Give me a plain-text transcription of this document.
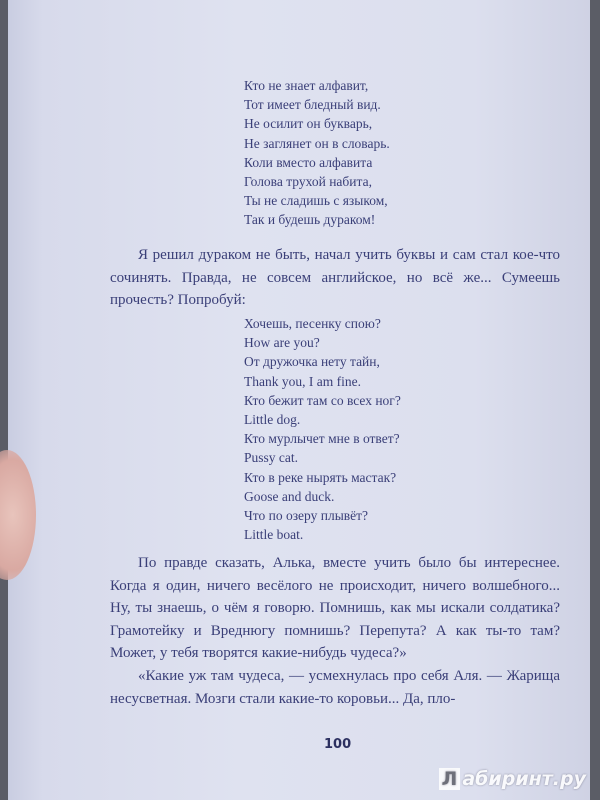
Кто не знает алфавит,
Тот имеет бледный вид.
Не осилит он букварь,
Не заглянет он в словарь.
Коли вместо алфавита
Голова трухой набита,
Ты не сладишь с языком,
Так и будешь дураком!

Я решил дураком не быть, начал учить буквы и сам стал кое-что сочинять. Правда, не совсем английское, но всё же... Сумеешь прочесть? Попробуй:

Хочешь, песенку спою?
How are you?
От дружочка нету тайн,
Thank you, I am fine.
Кто бежит там со всех ног?
Little dog.
Кто мурлычет мне в ответ?
Pussy cat.
Кто в реке нырять мастак?
Goose and duck.
Что по озеру плывёт?
Little boat.

По правде сказать, Алька, вместе учить было бы интереснее. Когда я один, ничего весёлого не происходит, ничего волшебного... Ну, ты знаешь, о чём я говорю. Помнишь, как мы искали солдатика? Грамотейку и Вреднюгу помнишь? Перепута? А как ты-то там? Может, у тебя творятся какие-нибудь чудеса?»

«Какие уж там чудеса, — усмехнулась про себя Аля. — Жарища несусветная. Мозги стали какие-то коровьи... Да, пло-

100
Л абиринт.ру
